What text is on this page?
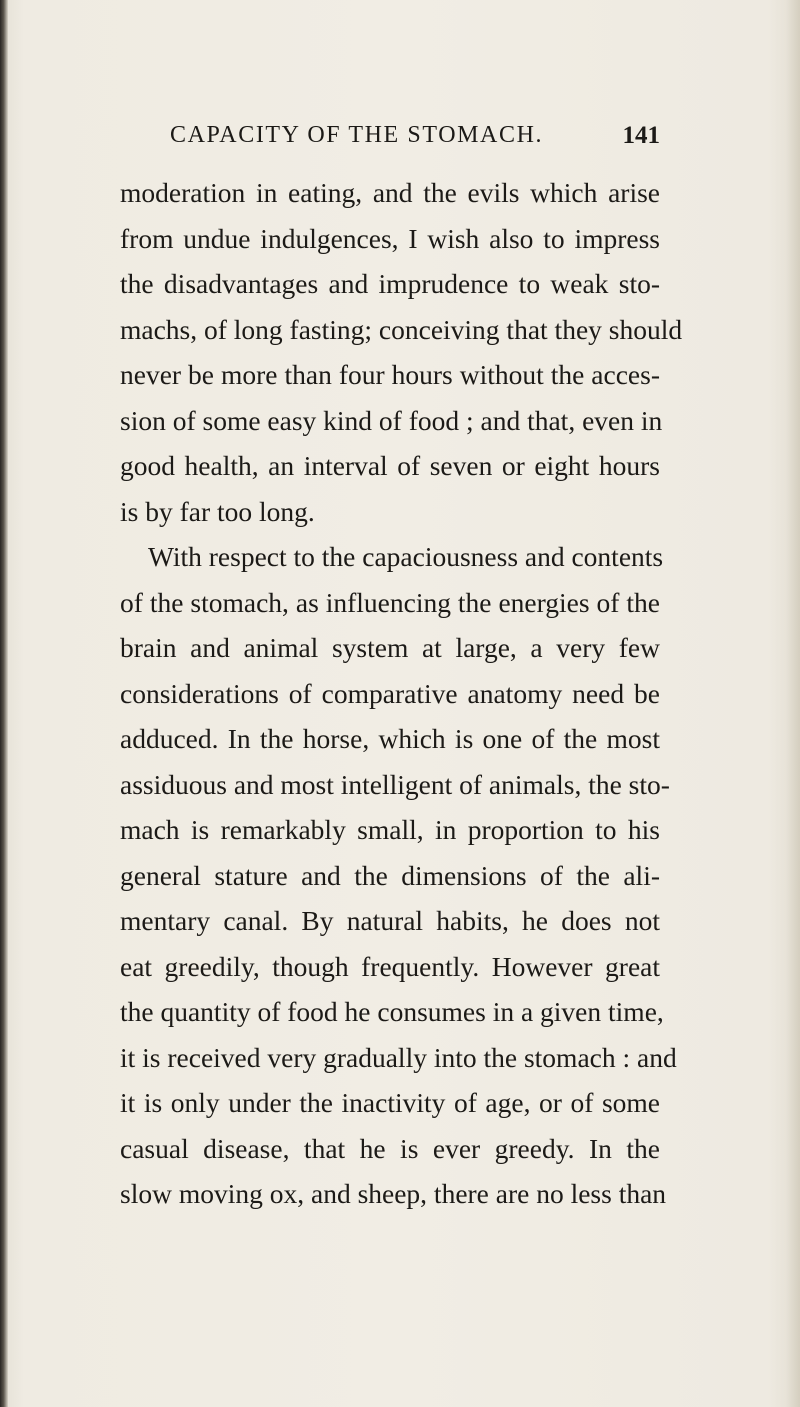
CAPACITY OF THE STOMACH.	141
moderation in eating, and the evils which arise
from undue indulgences, I wish also to impress
the disadvantages and imprudence to weak sto-
machs, of long fasting; conceiving that they should
never be more than four hours without the acces-
sion of some easy kind of food ; and that, even in
good health, an interval of seven or eight hours
is by far too long.
With respect to the capaciousness and contents
of the stomach, as influencing the energies of the
brain and animal system at large, a very few
considerations of comparative anatomy need be
adduced. In the horse, which is one of the most
assiduous and most intelligent of animals, the sto-
mach is remarkably small, in proportion to his
general stature and the dimensions of the ali-
mentary canal. By natural habits, he does not
eat greedily, though frequently. However great
the quantity of food he consumes in a given time,
it is received very gradually into the stomach : and
it is only under the inactivity of age, or of some
casual disease, that he is ever greedy. In the
slow moving ox, and sheep, there are no less than
